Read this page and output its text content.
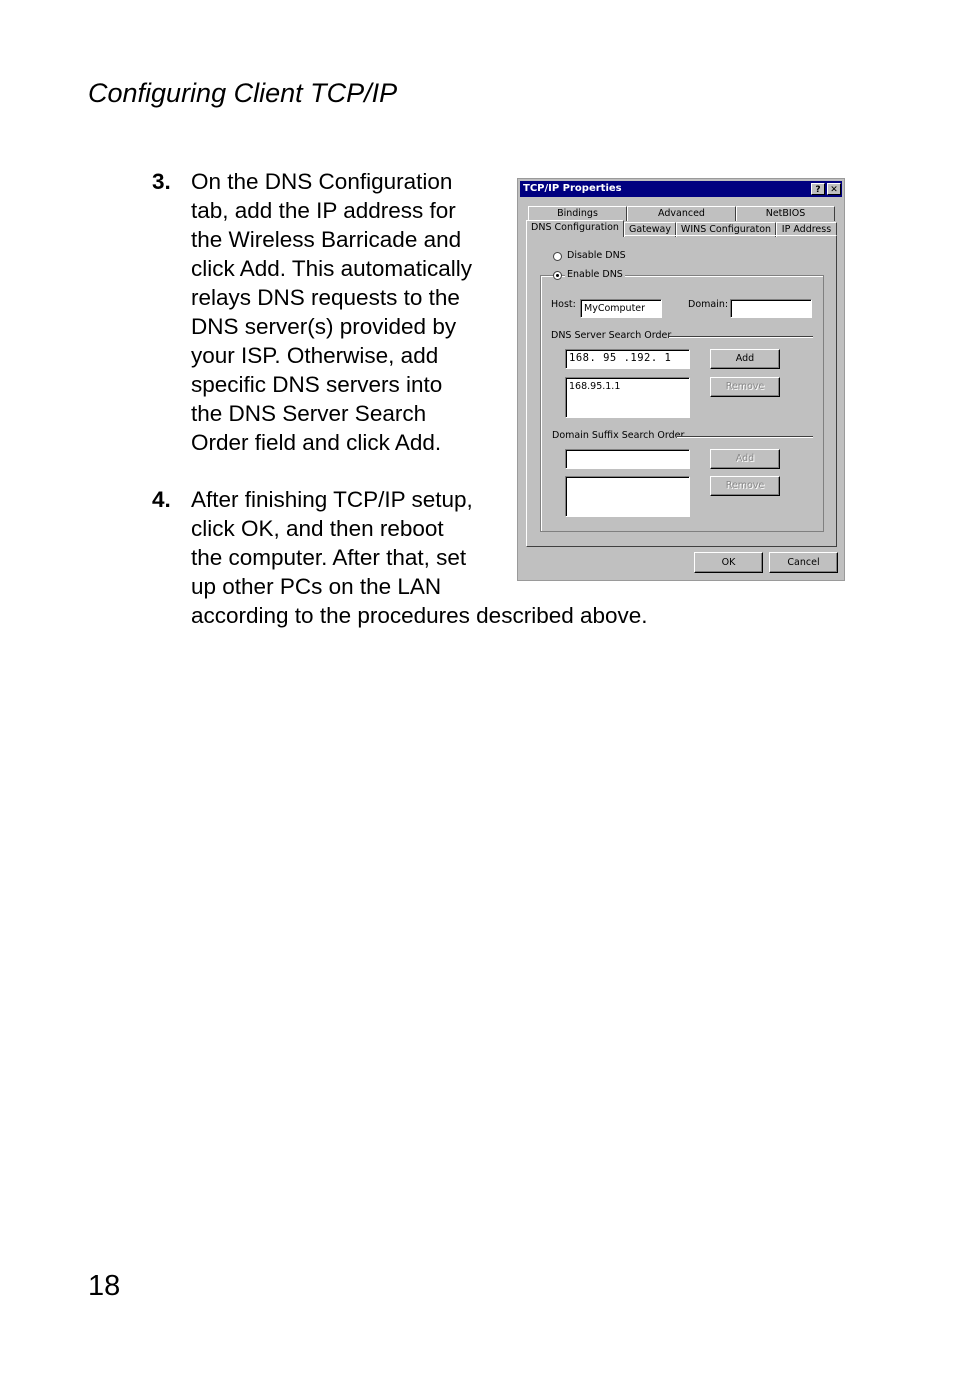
Configuring Client TCP/IP
3. On the DNS Configuration
tab, add the IP address for
the Wireless Barricade and
click Add. This automatically
relays DNS requests to the
DNS server(s) provided by
your ISP. Otherwise, add
specific DNS servers into
the DNS Server Search
Order field and click Add.
4. After finishing TCP/IP setup,
click OK, and then reboot
the computer. After that, set
up other PCs on the LAN
according to the procedures described above.
TCP/IP Properties	?	✕
Bindings	Advanced	NetBIOS
DNS Configuration	Gateway	WINS Configuraton	IP Address
Disable DNS
Enable DNS
Host: MyComputer	Domain:
DNS Server Search Order
168. 95 .192. 1	Add
168.95.1.1	Remove
Domain Suffix Search Order
Add
Remove
OK	Cancel
18
